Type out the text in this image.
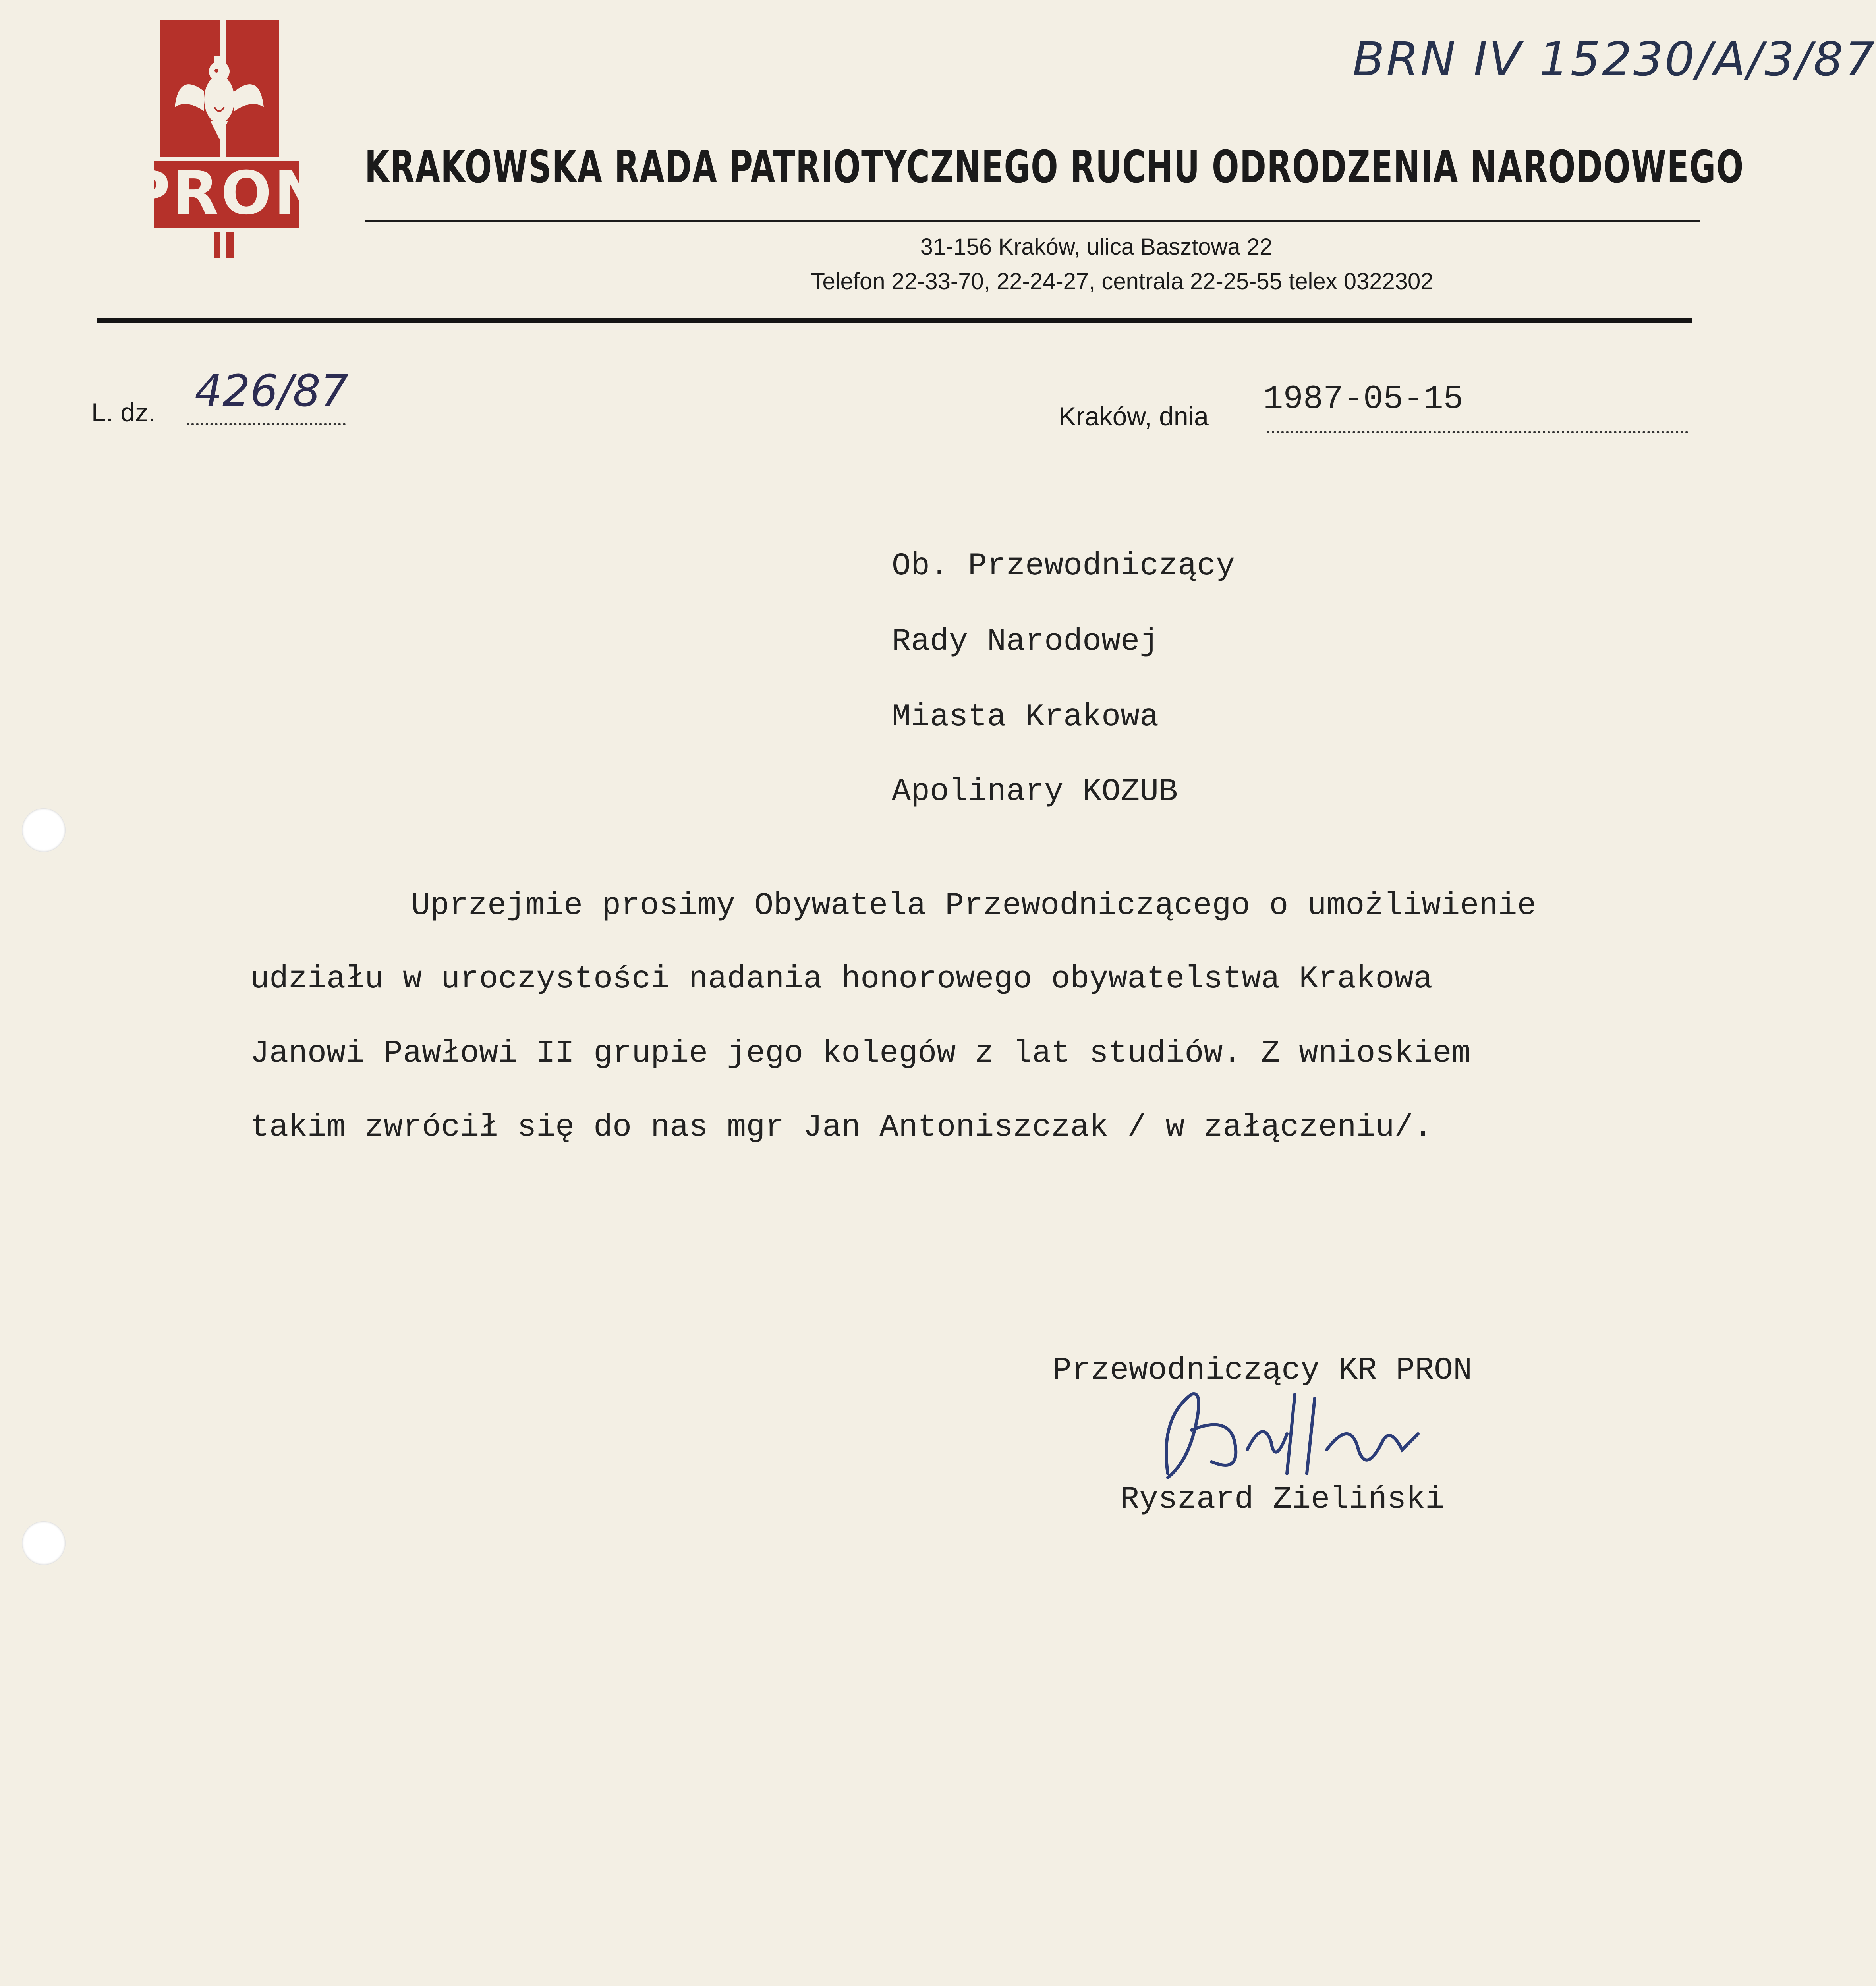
BRN IV 15230/A/3/87
PRON KRAKOWSKA RADA PATRIOTYCZNEGO RUCHU ODRODZENIA NARODOWEGO
31-156 Kraków, ulica Basztowa 22
Telefon 22-33-70, 22-24-27, centrala 22-25-55 telex 0322302
L. dz. 426/87	Kraków, dnia 1987-05-15
Ob. Przewodniczący
Rady Narodowej
Miasta Krakowa
Apolinary KOZUB
Uprzejmie prosimy Obywatela Przewodniczącego o umożliwienie
udziału w uroczystości nadania honorowego obywatelstwa Krakowa
Janowi Pawłowi II grupie jego kolegów z lat studiów. Z wnioskiem
takim zwrócił się do nas mgr Jan Antoniszczak / w załączeniu/.
Przewodniczący KR PRON
Ryszard Zieliński
